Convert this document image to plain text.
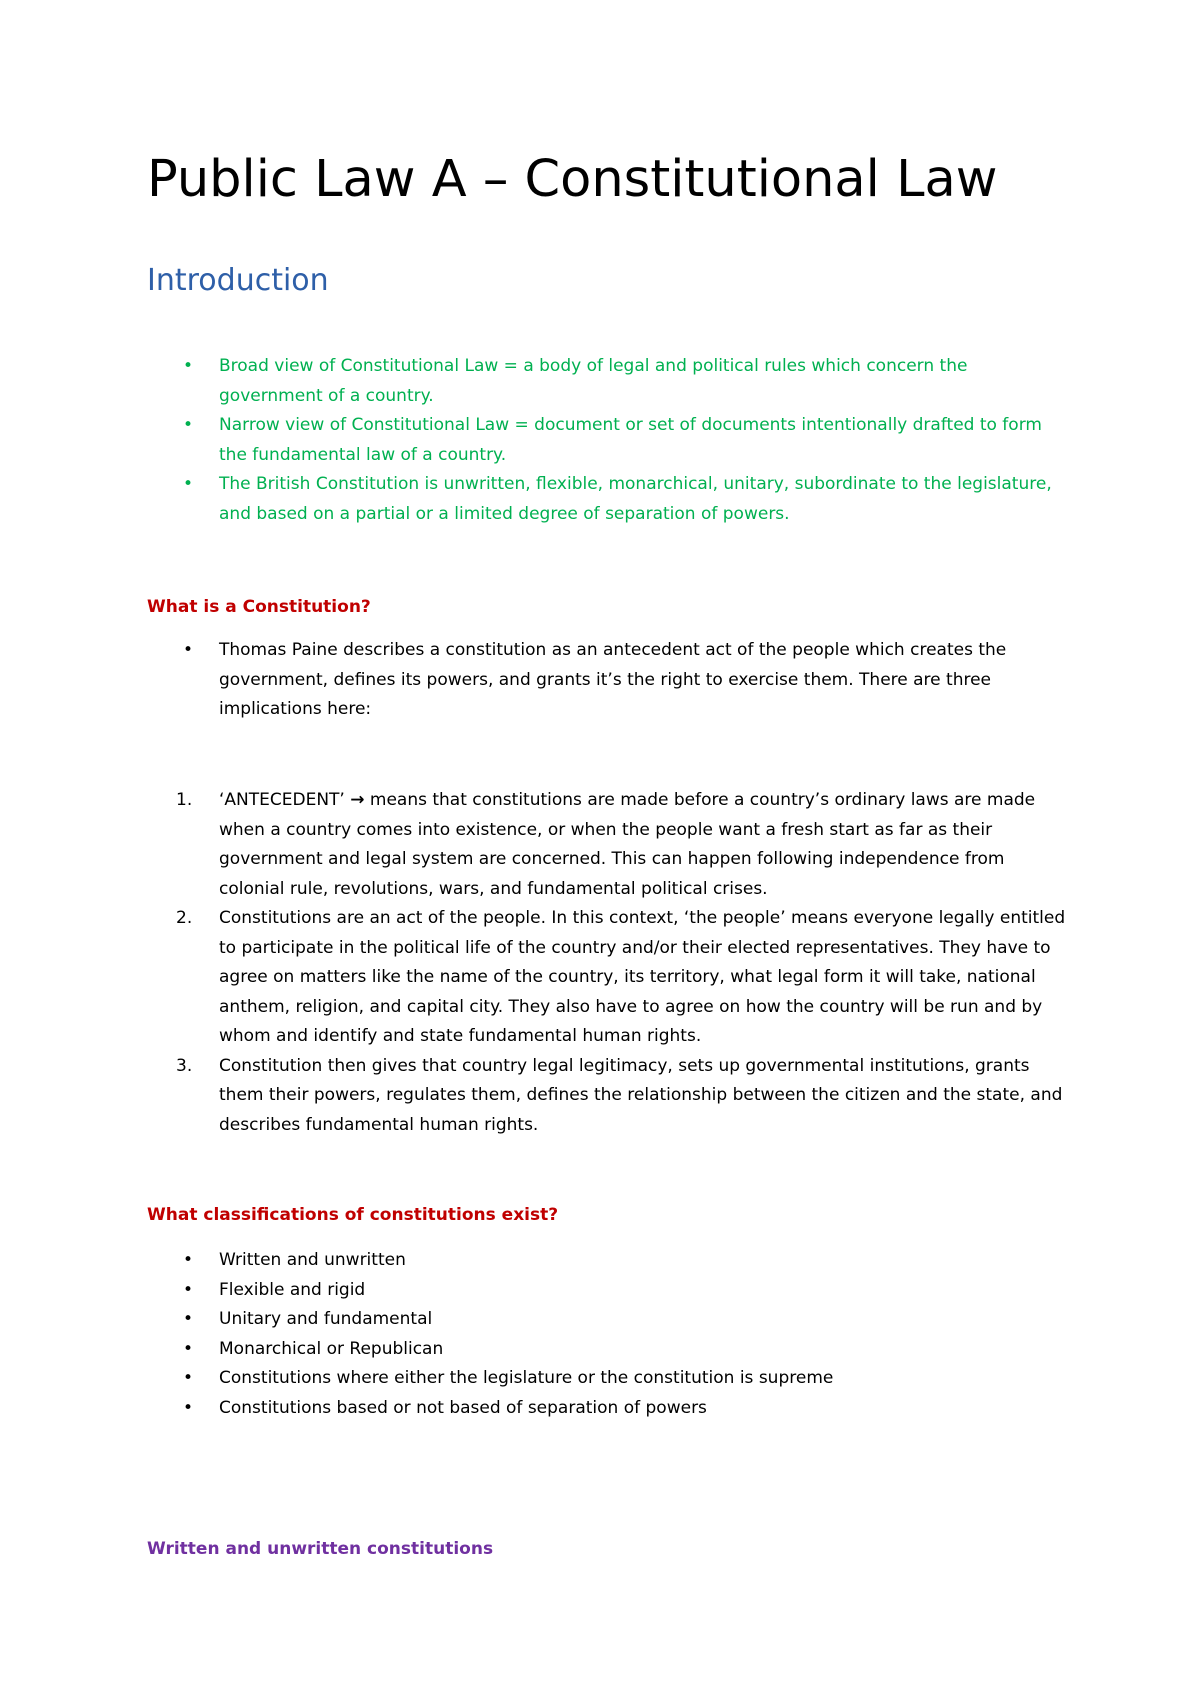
Public Law A – Constitutional Law
Introduction
•	Broad view of Constitutional Law = a body of legal and political rules which concern the government of a country.
•	Narrow view of Constitutional Law = document or set of documents intentionally drafted to form the fundamental law of a country.
•	The British Constitution is unwritten, flexible, monarchical, unitary, subordinate to the legislature, and based on a partial or a limited degree of separation of powers.
What is a Constitution?
•	Thomas Paine describes a constitution as an antecedent act of the people which creates the government, defines its powers, and grants it’s the right to exercise them. There are three implications here:
1.	‘ANTECEDENT’ → means that constitutions are made before a country’s ordinary laws are made when a country comes into existence, or when the people want a fresh start as far as their government and legal system are concerned. This can happen following independence from colonial rule, revolutions, wars, and fundamental political crises.
2.	Constitutions are an act of the people. In this context, ‘the people’ means everyone legally entitled to participate in the political life of the country and/or their elected representatives. They have to agree on matters like the name of the country, its territory, what legal form it will take, national anthem, religion, and capital city. They also have to agree on how the country will be run and by whom and identify and state fundamental human rights.
3.	Constitution then gives that country legal legitimacy, sets up governmental institutions, grants them their powers, regulates them, defines the relationship between the citizen and the state, and describes fundamental human rights.
What classifications of constitutions exist?
•	Written and unwritten
•	Flexible and rigid
•	Unitary and fundamental
•	Monarchical or Republican
•	Constitutions where either the legislature or the constitution is supreme
•	Constitutions based or not based of separation of powers
Written and unwritten constitutions
